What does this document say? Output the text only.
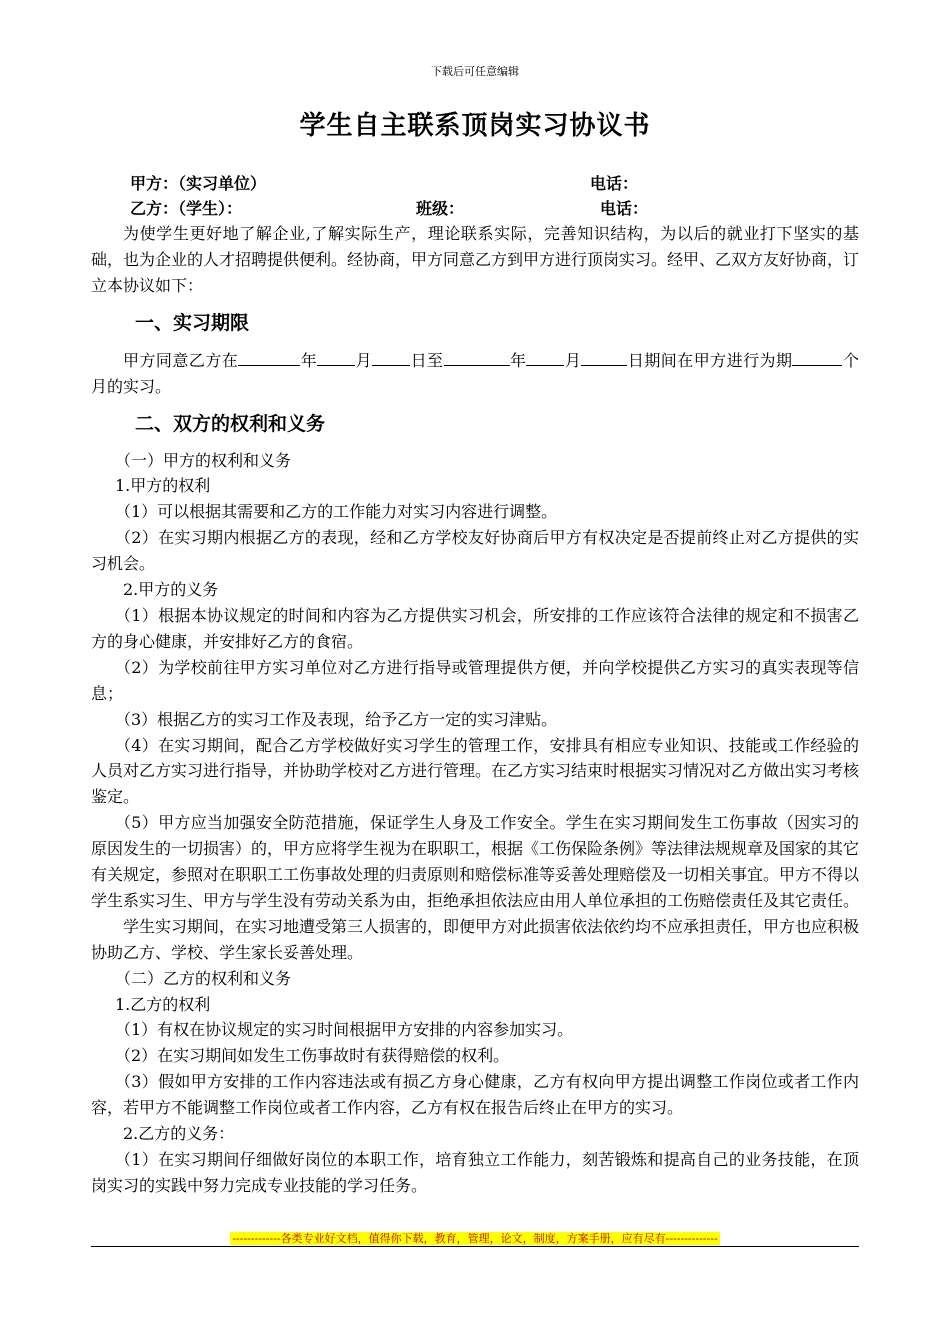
下载后可任意编辑
学生自主联系顶岗实习协议书
甲方：（实习单位）	电话：
乙方：（学生）：	班级：	电话：

为使学生更好地了解企业,了解实际生产，理论联系实际，完善知识结构，为以后的就业打下坚实的基础，也为企业的人才招聘提供便利。经协商，甲方同意乙方到甲方进行顶岗实习。经甲、乙双方友好协商，订立本协议如下：

一、实习期限

甲方同意乙方在	年 月 日至	年 月	日期间在甲方进行为期	个月的实习。

二、双方的权利和义务

（一）甲方的权利和义务

1.甲方的权利

（1）可以根据其需要和乙方的工作能力对实习内容进行调整。

（2）在实习期内根据乙方的表现，经和乙方学校友好协商后甲方有权决定是否提前终止对乙方提供的实习机会。

2.甲方的义务

（1）根据本协议规定的时间和内容为乙方提供实习机会，所安排的工作应该符合法律的规定和不损害乙方的身心健康，并安排好乙方的食宿。

（2）为学校前往甲方实习单位对乙方进行指导或管理提供方便，并向学校提供乙方实习的真实表现等信息；

（3）根据乙方的实习工作及表现，给予乙方一定的实习津贴。

（4）在实习期间，配合乙方学校做好实习学生的管理工作，安排具有相应专业知识、技能或工作经验的人员对乙方实习进行指导，并协助学校对乙方进行管理。在乙方实习结束时根据实习情况对乙方做出实习考核鉴定。

（5）甲方应当加强安全防范措施，保证学生人身及工作安全。学生在实习期间发生工伤事故（因实习的原因发生的一切损害）的，甲方应将学生视为在职职工，根据《工伤保险条例》等法律法规规章及国家的其它有关规定，参照对在职职工工伤事故处理的归责原则和赔偿标准等妥善处理赔偿及一切相关事宜。甲方不得以学生系实习生、甲方与学生没有劳动关系为由，拒绝承担依法应由用人单位承担的工伤赔偿责任及其它责任。

学生实习期间，在实习地遭受第三人损害的，即便甲方对此损害依法依约均不应承担责任，甲方也应积极协助乙方、学校、学生家长妥善处理。

（二）乙方的权利和义务

1.乙方的权利

（1）有权在协议规定的实习时间根据甲方安排的内容参加实习。

（2）在实习期间如发生工伤事故时有获得赔偿的权利。

（3）假如甲方安排的工作内容违法或有损乙方身心健康，乙方有权向甲方提出调整工作岗位或者工作内容，若甲方不能调整工作岗位或者工作内容，乙方有权在报告后终止在甲方的实习。

2.乙方的义务：

（1）在实习期间仔细做好岗位的本职工作，培育独立工作能力，刻苦锻炼和提高自己的业务技能，在顶岗实习的实践中努力完成专业技能的学习任务。

-------------各类专业好文档，值得你下载，教育，管理，论文，制度，方案手册，应有尽有--------------
